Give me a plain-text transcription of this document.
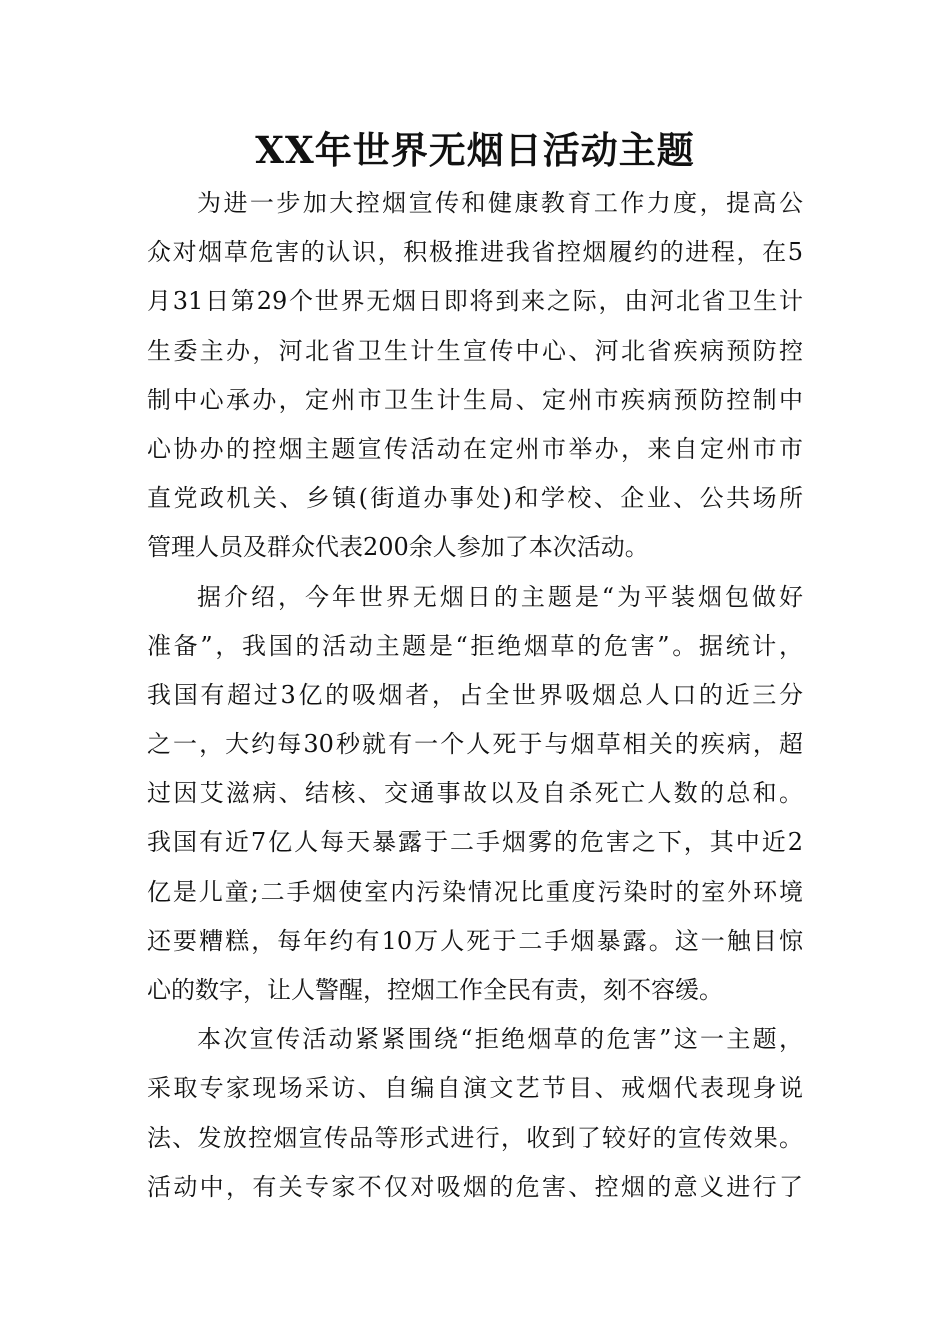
XX年世界无烟日活动主题
为进一步加大控烟宣传和健康教育工作力度，提高公
众对烟草危害的认识，积极推进我省控烟履约的进程，在5
月31日第29个世界无烟日即将到来之际，由河北省卫生计
生委主办，河北省卫生计生宣传中心、河北省疾病预防控
制中心承办，定州市卫生计生局、定州市疾病预防控制中
心协办的控烟主题宣传活动在定州市举办，来自定州市市
直党政机关、乡镇(街道办事处)和学校、企业、公共场所
管理人员及群众代表200余人参加了本次活动。
据介绍，今年世界无烟日的主题是“为平装烟包做好
准备”，我国的活动主题是“拒绝烟草的危害”。据统计，
我国有超过3亿的吸烟者，占全世界吸烟总人口的近三分
之一，大约每30秒就有一个人死于与烟草相关的疾病，超
过因艾滋病、结核、交通事故以及自杀死亡人数的总和。
我国有近7亿人每天暴露于二手烟雾的危害之下，其中近2
亿是儿童;二手烟使室内污染情况比重度污染时的室外环境
还要糟糕，每年约有10万人死于二手烟暴露。这一触目惊
心的数字，让人警醒，控烟工作全民有责，刻不容缓。
本次宣传活动紧紧围绕“拒绝烟草的危害”这一主题，
采取专家现场采访、自编自演文艺节目、戒烟代表现身说
法、发放控烟宣传品等形式进行，收到了较好的宣传效果。
活动中，有关专家不仅对吸烟的危害、控烟的意义进行了
